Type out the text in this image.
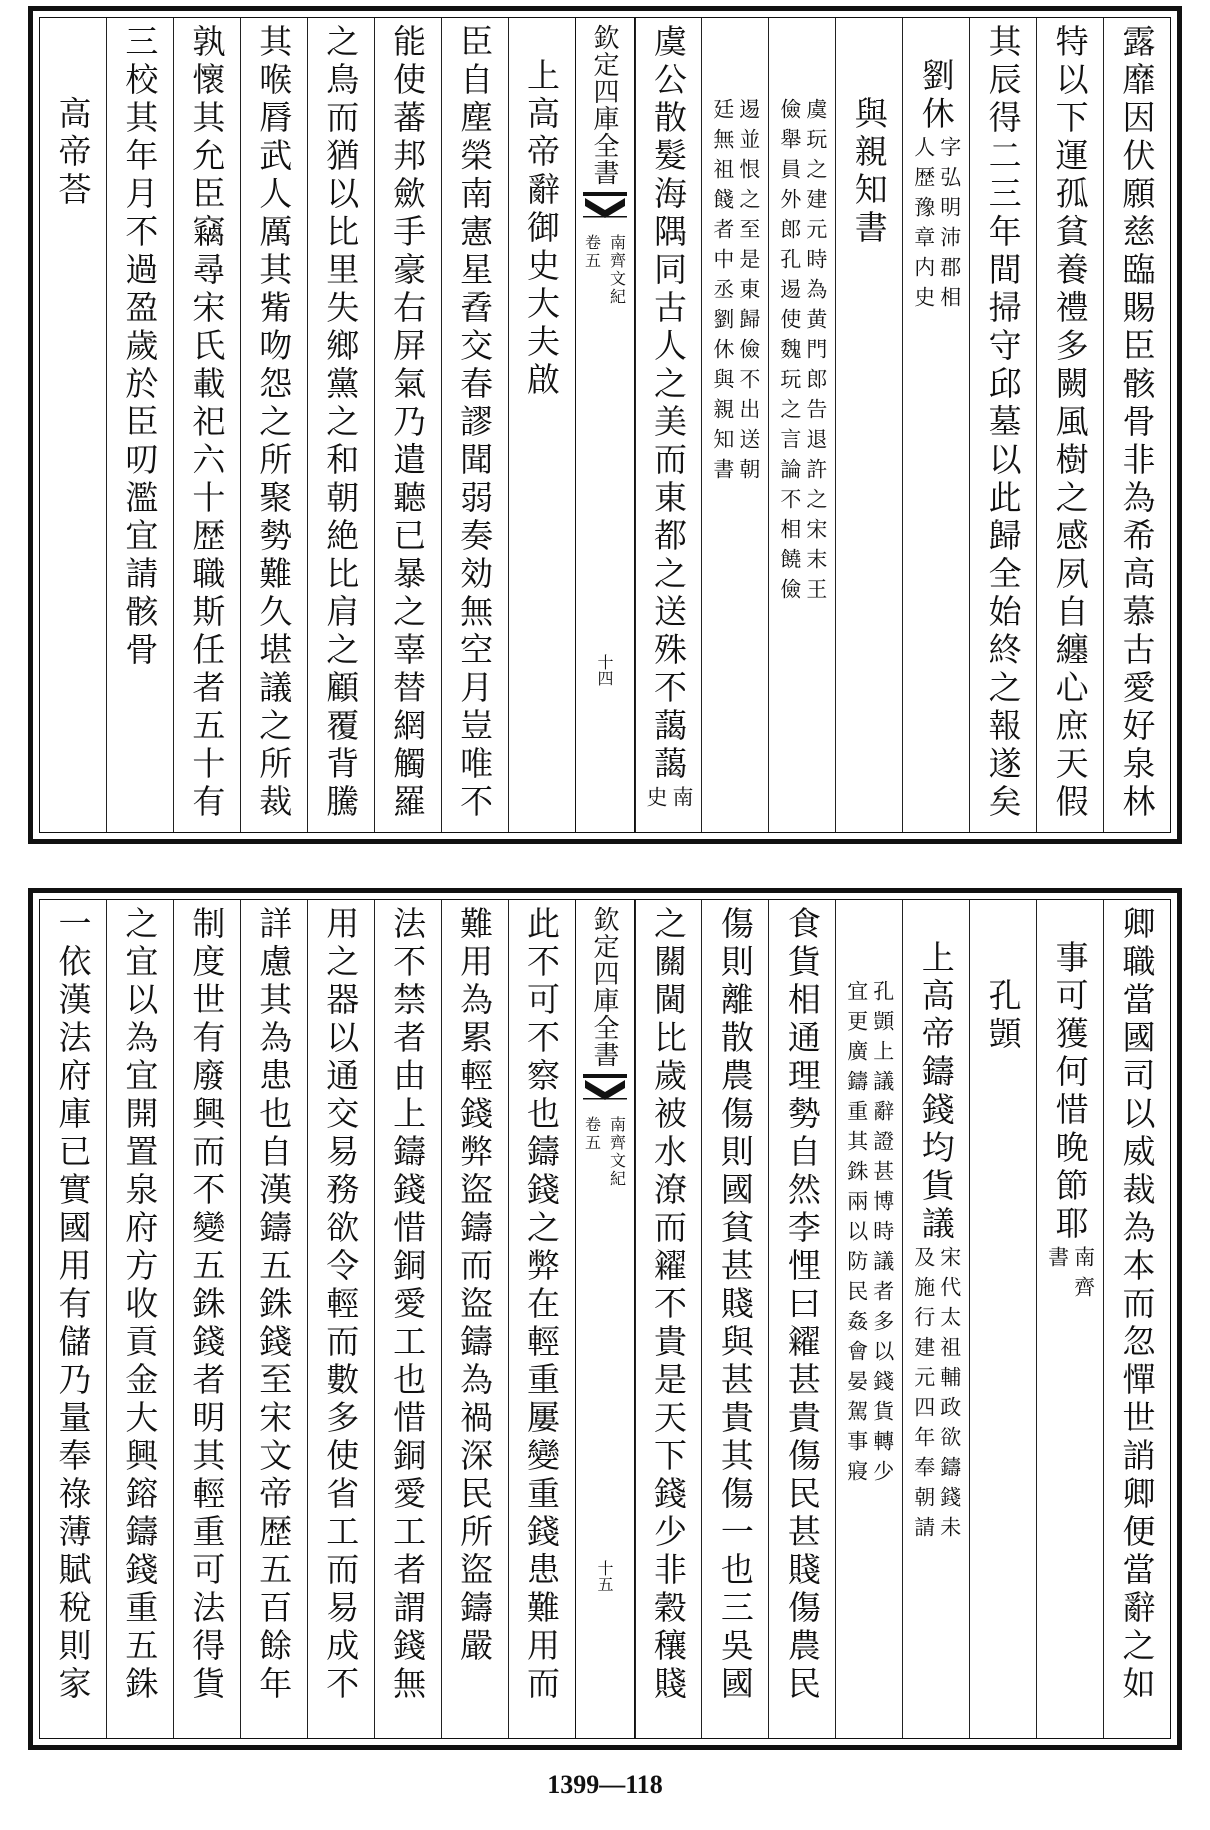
露靡因伏願慈臨賜臣骸骨非為希高慕古愛好泉林
特以下運孤貧養禮多闕風樹之感夙自纏心庶天假
其辰得二三年間掃守邱墓以此歸全始終之報遂矣
劉休
字弘明沛郡相
人歴豫章内史
與親知書
虞玩之建元時為黄門郎告退許之宋末王
儉舉員外郎孔逷使魏玩之言論不相饒儉
逷並恨之至是東歸儉不出送朝
廷無祖餞者中丞劉休與親知書
虞公散髮海隅同古人之美而東都之送殊不藹藹
南
史
欽定四庫全書
南齊文紀
卷五
十四
上高帝辭御史大夫啟
臣自塵榮南憲星孴交春謬聞弱奏効無空月豈唯不
能使蕃邦歛手豪右屏氣乃遣聽已暴之辜替網觸羅
之鳥而猶以比里失鄉黨之和朝絶比肩之顧覆背騰
其喉脣武人厲其觜吻怨之所聚勢難久堪議之所裁
孰懷其允臣竊尋宋氏載祀六十歴職斯任者五十有
三校其年月不過盈歲於臣叨濫宜請骸骨
高帝荅
卿職當國司以威裁為本而忽憚世誚卿便當辭之如
事可獲何惜晚節耶
南齊
書
孔顗
上高帝鑄錢均貨議
宋代太祖輔政欲鑄錢未
及施行建元四年奉朝請
孔顗上議辭證甚博時議者多以錢貨轉少
宜更廣鑄重其銖兩以防民姦會晏駕事寢
食貨相通理勢自然李悝曰糴甚貴傷民甚賤傷農民
傷則離散農傷則國貧甚賤與甚貴其傷一也三吳國
之關閫比歲被水潦而糴不貴是天下錢少非穀穰賤
欽定四庫全書
南齊文紀
卷五
十五
此不可不察也鑄錢之弊在輕重屢變重錢患難用而
難用為累輕錢弊盜鑄而盜鑄為禍深民所盜鑄嚴
法不禁者由上鑄錢惜銅愛工也惜銅愛工者謂錢無
用之器以通交易務欲令輕而數多使省工而易成不
詳慮其為患也自漢鑄五銖錢至宋文帝歴五百餘年
制度世有廢興而不變五銖錢者明其輕重可法得貨
之宜以為宜開置泉府方收貢金大興鎔鑄錢重五銖
一依漢法府庫已實國用有儲乃量奉祿薄賦稅則家
1399—118
